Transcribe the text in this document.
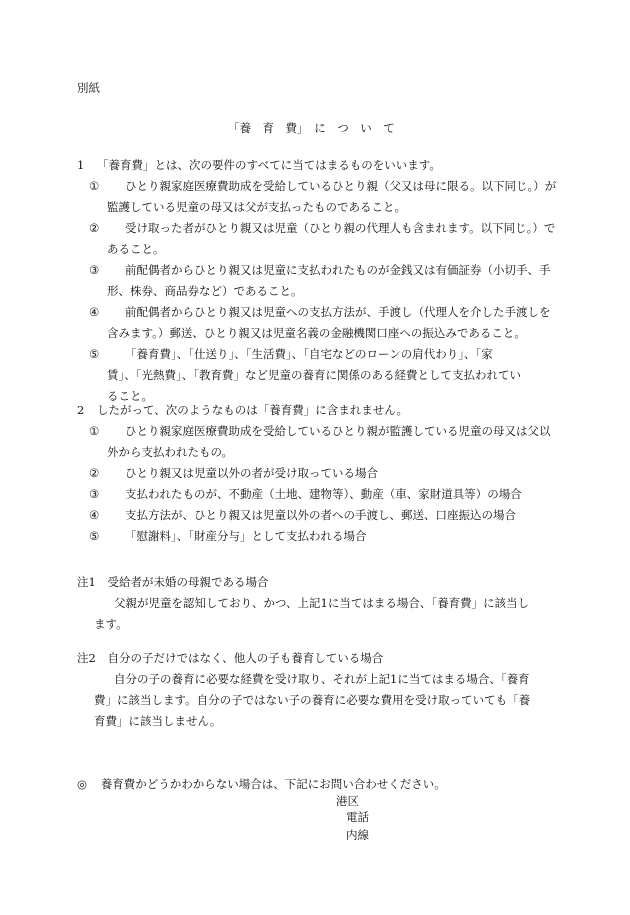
別紙
「養　育　費」　に　つ　い　て
1 「養育費」とは、次の要件のすべてに当てはまるものをいいます。
① ひとり親家庭医療費助成を受給しているひとり親（父又は母に限る。以下同じ。）が
監護している児童の母又は父が支払ったものであること。
② 受け取った者がひとり親又は児童（ひとり親の代理人も含まれます。以下同じ。）で
あること。
③ 前配偶者からひとり親又は児童に支払われたものが金銭又は有価証券（小切手、手
形、株券、商品券など）であること。
④ 前配偶者からひとり親又は児童への支払方法が、手渡し（代理人を介した手渡しを
含みます。）郵送、ひとり親又は児童名義の金融機関口座への振込みであること。
⑤ 「養育費」、「仕送り」、「生活費」、「自宅などのローンの肩代わり」、「家
賃」、「光熱費」、「教育費」など児童の養育に関係のある経費として支払われてい
ること。
2 したがって、次のようなものは「養育費」に含まれません。
① ひとり親家庭医療費助成を受給しているひとり親が監護している児童の母又は父以
外から支払われたもの。
② ひとり親又は児童以外の者が受け取っている場合
③ 支払われたものが、不動産（土地、建物等）、動産（車、家財道具等）の場合
④ 支払方法が、ひとり親又は児童以外の者への手渡し、郵送、口座振込の場合
⑤ 「慰謝料」、「財産分与」として支払われる場合
注1 受給者が未婚の母親である場合
父親が児童を認知しており、かつ、上記1に当てはまる場合、「養育費」に該当し
ます。
注2 自分の子だけではなく、他人の子も養育している場合
自分の子の養育に必要な経費を受け取り、それが上記1に当てはまる場合、「養育
費」に該当します。自分の子ではない子の養育に必要な費用を受け取っていても「養
育費」に該当しません。
◎ 養育費かどうかわからない場合は、下記にお問い合わせください。
港区
電話
内線
